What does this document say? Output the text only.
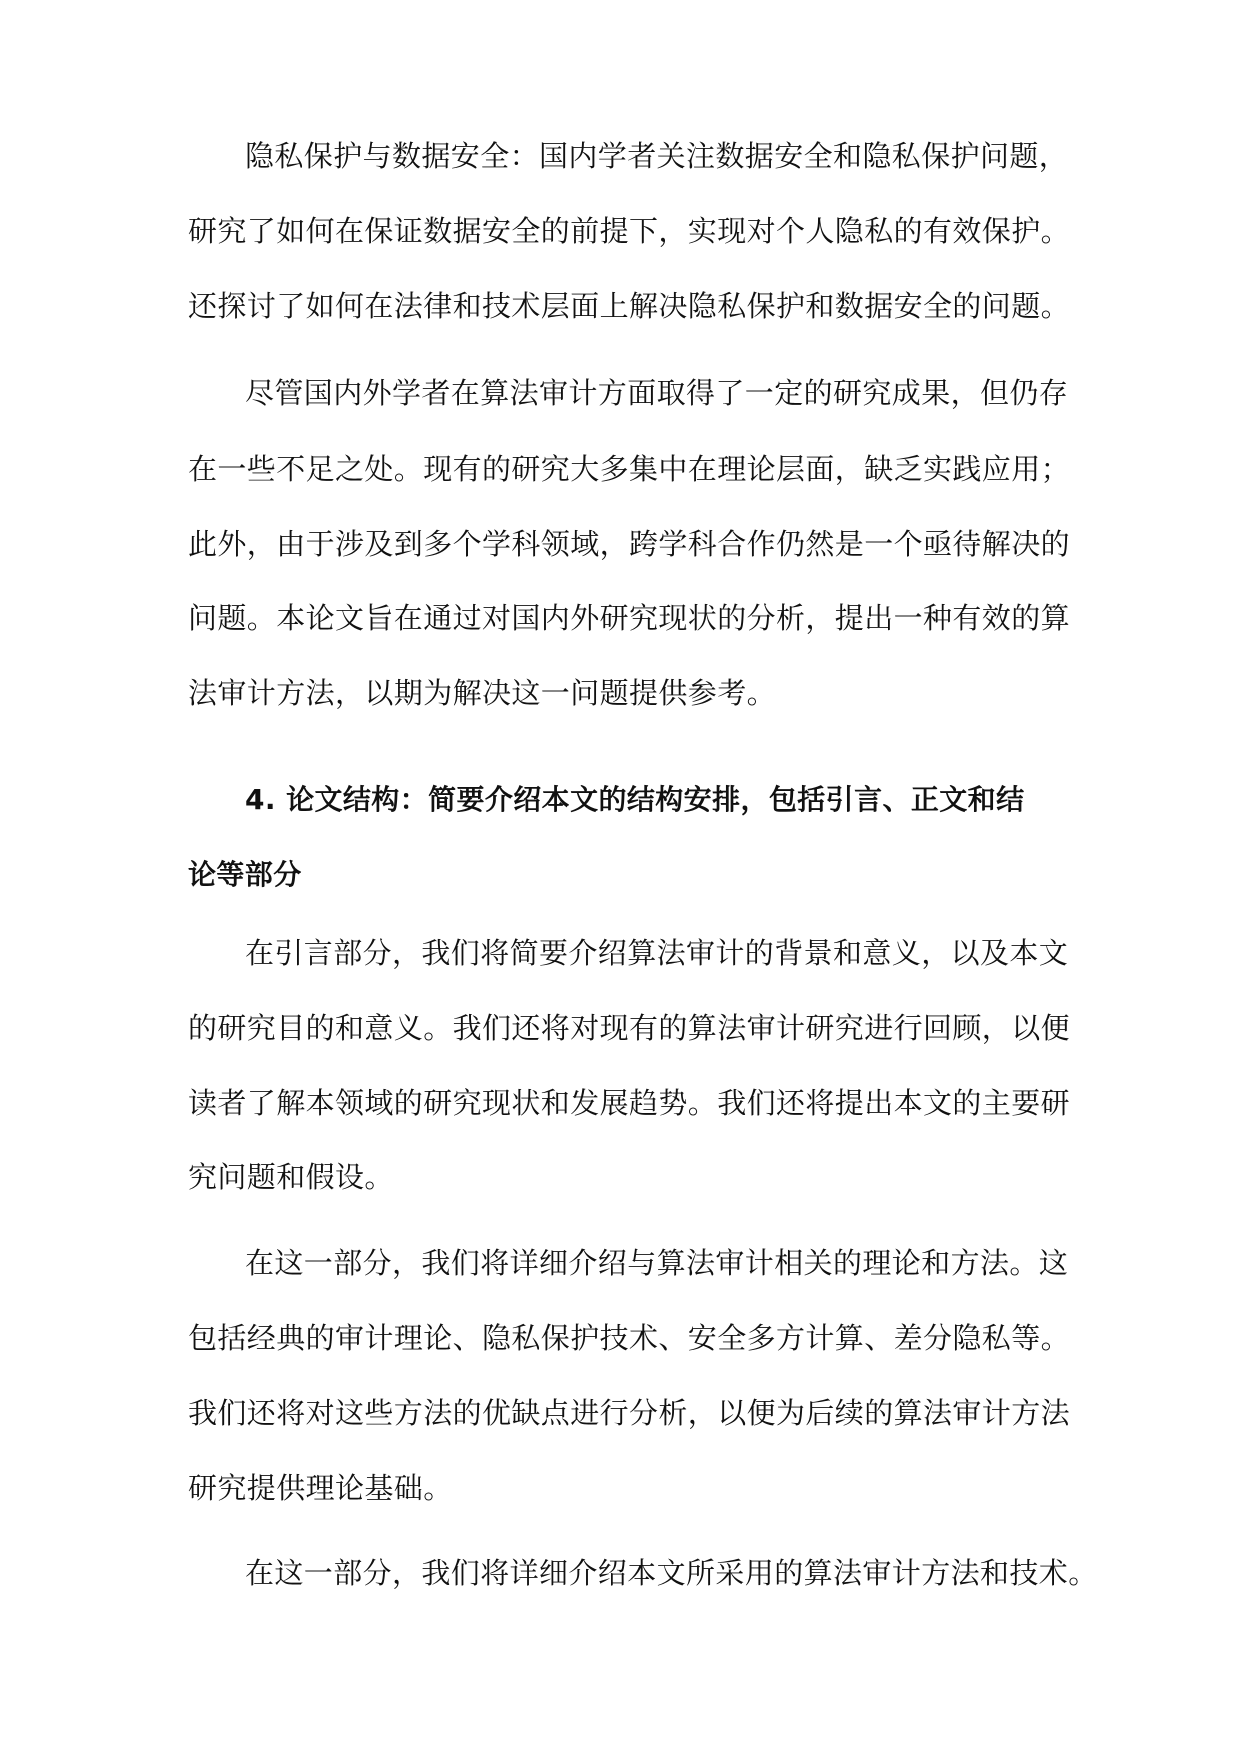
隐私保护与数据安全：国内学者关注数据安全和隐私保护问题，
研究了如何在保证数据安全的前提下，实现对个人隐私的有效保护。
还探讨了如何在法律和技术层面上解决隐私保护和数据安全的问题。
尽管国内外学者在算法审计方面取得了一定的研究成果，但仍存
在一些不足之处。现有的研究大多集中在理论层面，缺乏实践应用；
此外，由于涉及到多个学科领域，跨学科合作仍然是一个亟待解决的
问题。本论文旨在通过对国内外研究现状的分析，提出一种有效的算
法审计方法，以期为解决这一问题提供参考。
4. 论文结构：简要介绍本文的结构安排，包括引言、正文和结
论等部分
在引言部分，我们将简要介绍算法审计的背景和意义，以及本文
的研究目的和意义。我们还将对现有的算法审计研究进行回顾，以便
读者了解本领域的研究现状和发展趋势。我们还将提出本文的主要研
究问题和假设。
在这一部分，我们将详细介绍与算法审计相关的理论和方法。这
包括经典的审计理论、隐私保护技术、安全多方计算、差分隐私等。
我们还将对这些方法的优缺点进行分析，以便为后续的算法审计方法
研究提供理论基础。
在这一部分，我们将详细介绍本文所采用的算法审计方法和技术。
